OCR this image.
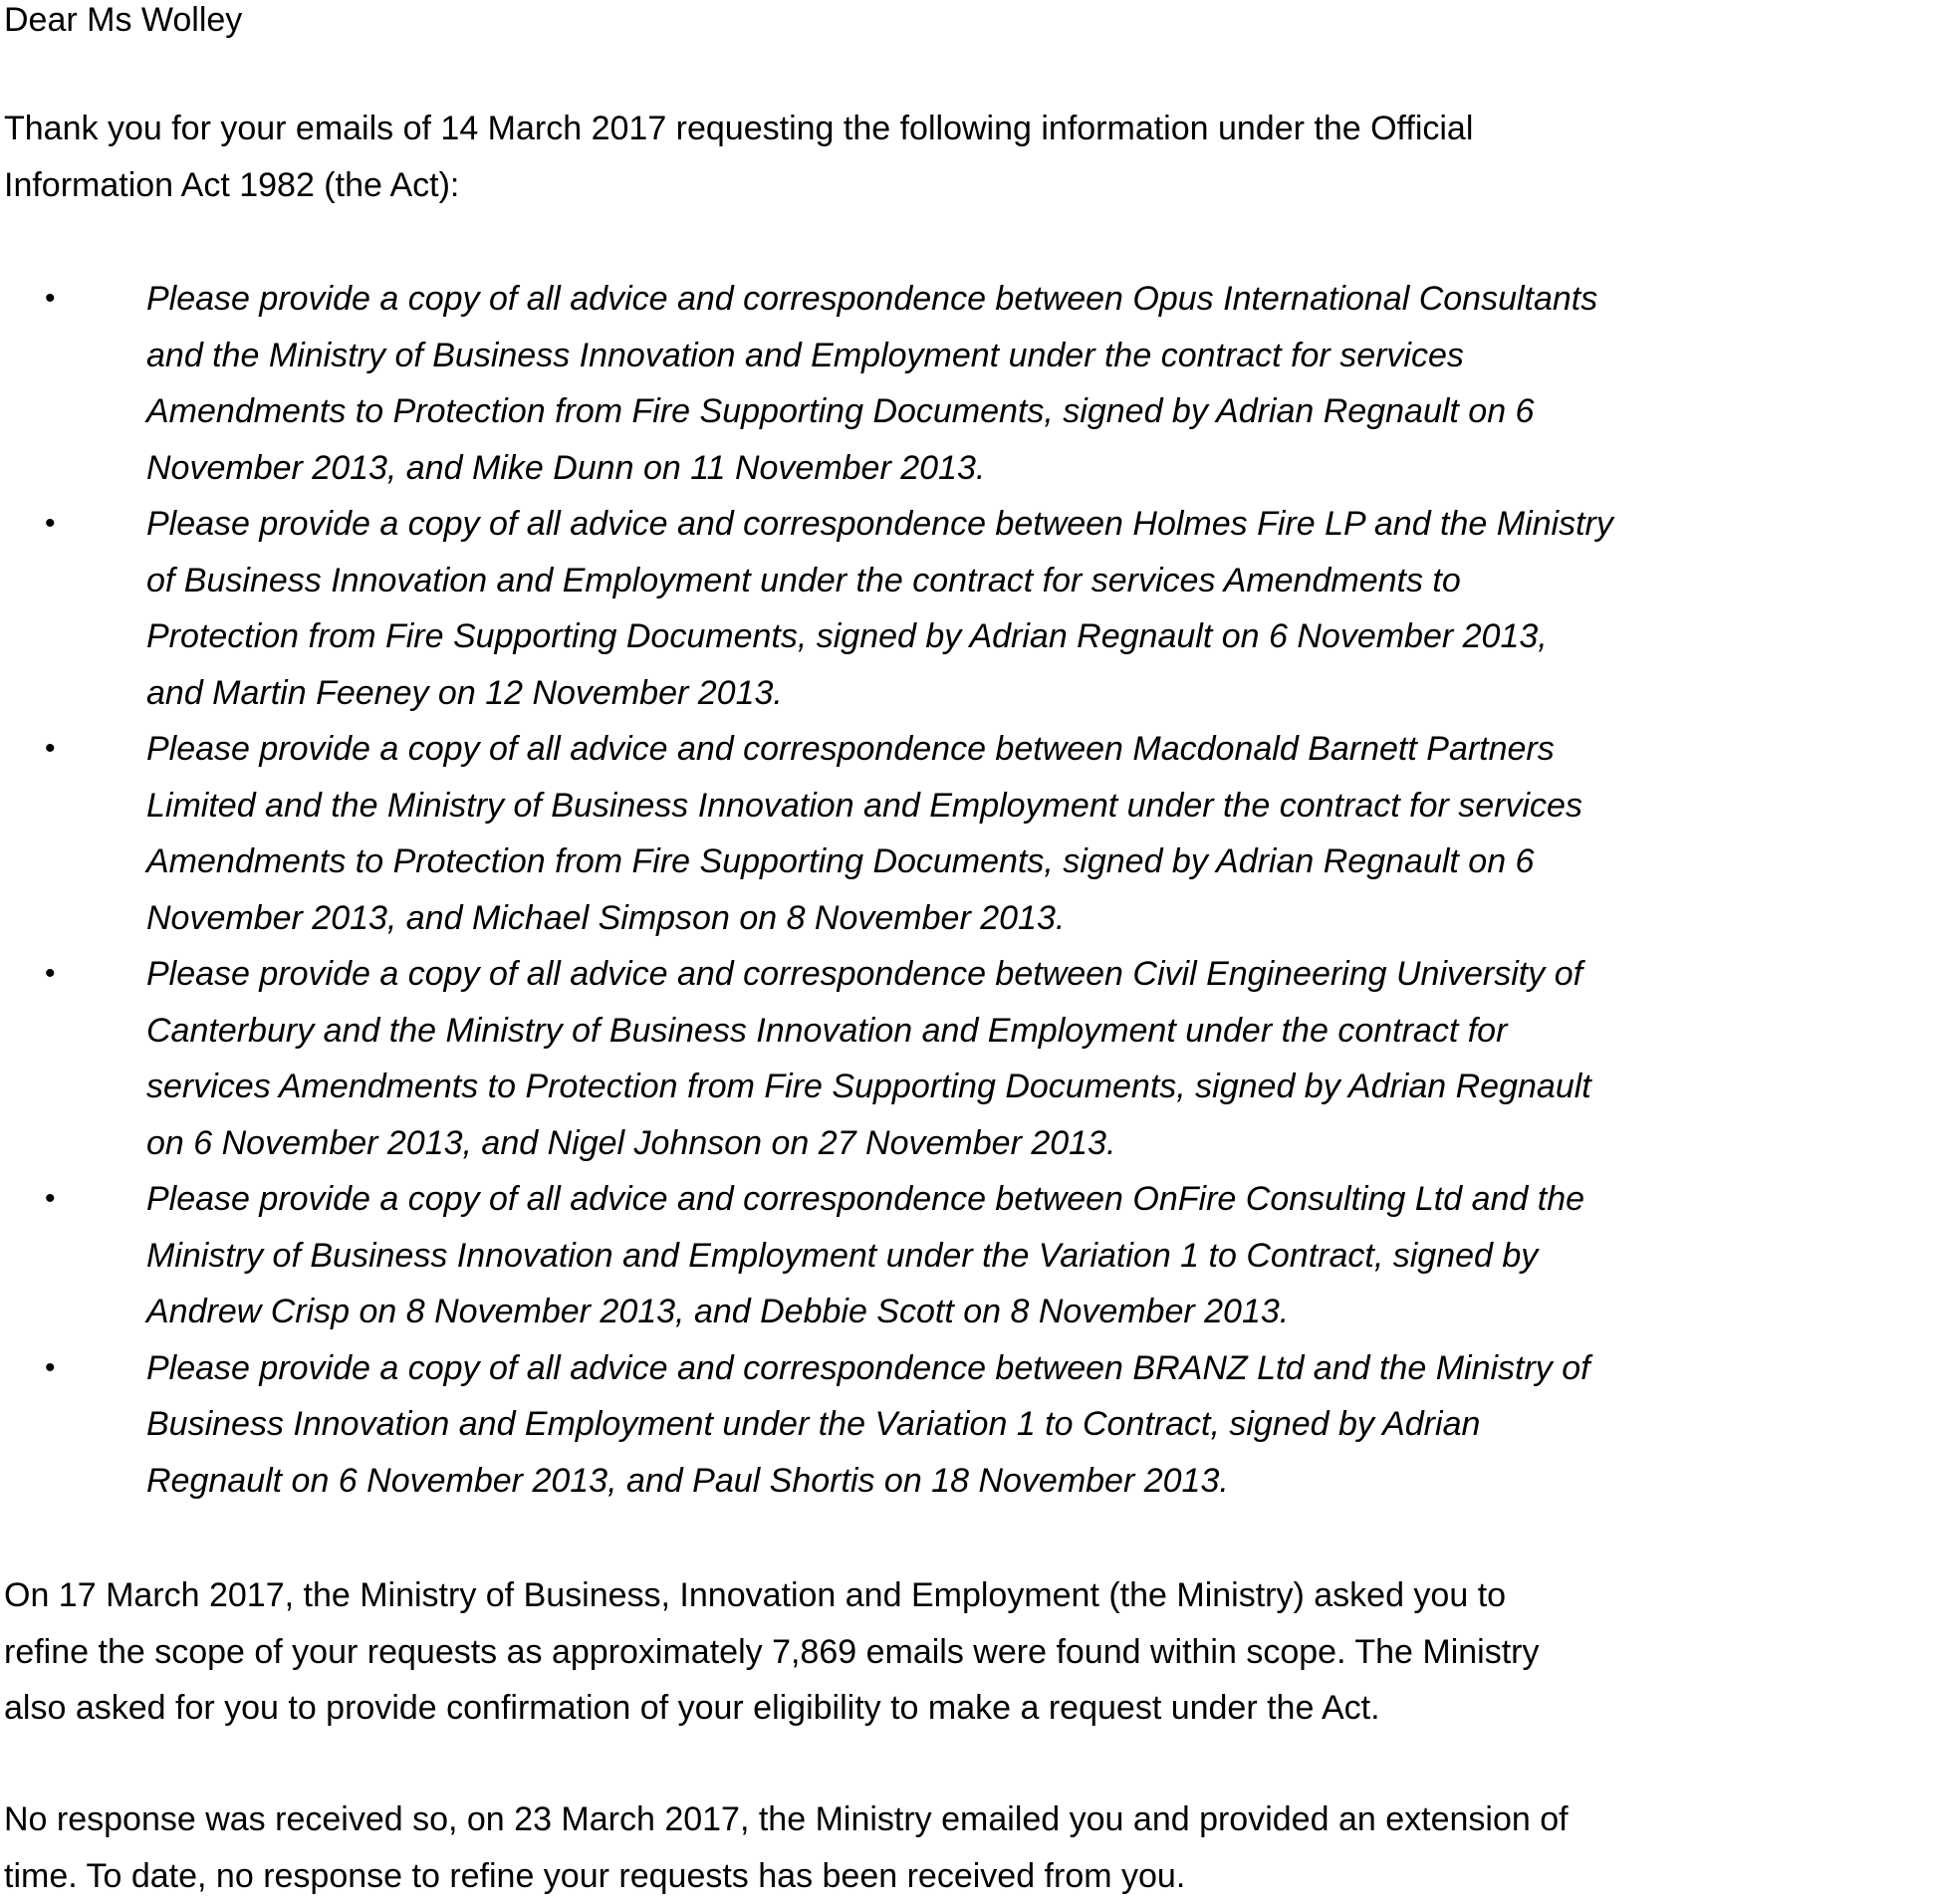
Dear Ms Wolley
Thank you for your emails of 14 March 2017 requesting the following information under the Official
Information Act 1982 (the Act):
•	Please provide a copy of all advice and correspondence between Opus International Consultants
and the Ministry of Business Innovation and Employment under the contract for services
Amendments to Protection from Fire Supporting Documents, signed by Adrian Regnault on 6
November 2013, and Mike Dunn on 11 November 2013.
•	Please provide a copy of all advice and correspondence between Holmes Fire LP and the Ministry
of Business Innovation and Employment under the contract for services Amendments to
Protection from Fire Supporting Documents, signed by Adrian Regnault on 6 November 2013,
and Martin Feeney on 12 November 2013.
•	Please provide a copy of all advice and correspondence between Macdonald Barnett Partners
Limited and the Ministry of Business Innovation and Employment under the contract for services
Amendments to Protection from Fire Supporting Documents, signed by Adrian Regnault on 6
November 2013, and Michael Simpson on 8 November 2013.
•	Please provide a copy of all advice and correspondence between Civil Engineering University of
Canterbury and the Ministry of Business Innovation and Employment under the contract for
services Amendments to Protection from Fire Supporting Documents, signed by Adrian Regnault
on 6 November 2013, and Nigel Johnson on 27 November 2013.
•	Please provide a copy of all advice and correspondence between OnFire Consulting Ltd and the
Ministry of Business Innovation and Employment under the Variation 1 to Contract, signed by
Andrew Crisp on 8 November 2013, and Debbie Scott on 8 November 2013.
•	Please provide a copy of all advice and correspondence between BRANZ Ltd and the Ministry of
Business Innovation and Employment under the Variation 1 to Contract, signed by Adrian
Regnault on 6 November 2013, and Paul Shortis on 18 November 2013.
On 17 March 2017, the Ministry of Business, Innovation and Employment (the Ministry) asked you to
refine the scope of your requests as approximately 7,869 emails were found within scope. The Ministry
also asked for you to provide confirmation of your eligibility to make a request under the Act.
No response was received so, on 23 March 2017, the Ministry emailed you and provided an extension of
time. To date, no response to refine your requests has been received from you.
